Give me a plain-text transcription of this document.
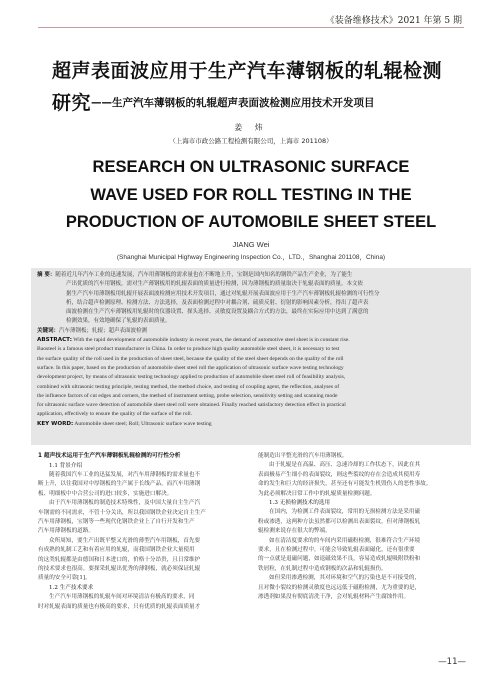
《装备维修技术》2021 年第 5 期
超声表面波应用于生产汽车薄钢板的轧辊检测
研究$^{——生产汽车薄钢板的轧辊超声表面波检测应用技术开发项目}$
姜 炜
（上海市市政公路工程检测有限公司，上海市 201108）
RESEARCH ON ULTRASONIC SURFACE
WAVE USED FOR ROLL TESTING IN THE
PRODUCTION OF AUTOMOBILE SHEET STEEL
JIANG Wei
(Shanghai Municipal Highway Engineering Inspection Co.，LTD.，Shanghai 201108，China)
摘 要：随着近几年汽车工业的迅速发展，汽车用薄钢板的需求量也在不断地上升，宝钢是国内知名的钢铁产品生产企业，为了能生
产出优质的汽车用钢板，需对生产薄钢板用的轧辊表面的质量进行检测，因为薄钢板的质量取决于轧辊表面的质量。本文依
据生产汽车用薄钢板用轧辊开展表面波检测应用技术开发项目，通过对轧辊开展表面波应用于生产汽车薄钢板轧辊检测的可行性分
析，结合超声检测原理、检测方法、方法选择，及表面检测过程中对耦合剂、硫质反射、衍射的影响因素分析，得出了超声表
面波检测在生产汽车薄钢板用轧辊时的仪器设置、探头选择、灵敏度设置及耦合方式的方法，最终在实际应用中达到了满意的
检测效果，有效地确保了轧辊的表面质量。
关键词：汽车薄钢板；轧辊；超声表面波检测
ABSTRACT: With the rapid development of automobile industry in recent years, the demand of automotive steel sheet is in constant rise.
Baosteel is a famous steel product manufacturer in China. In order to produce high quality automobile steel sheet, it is necessary to test
the surface quality of the roll used in the production of sheet steel, because the quality of the steel sheet depends on the quality of the roll
surface. In this paper, based on the production of automobile sheet steel roll the application of ultrasonic surface wave testing technology
development project, by means of ultrasonic testing technology applied to production of automobile sheet steel roll of feasibility analysis,
combined with ultrasonic testing principle, testing method, the method choice, and testing of coupling agent, the reflection, analyses of
the influence factors of cut edges and corners, the method of instrument setting, probe selection, sensitivity setting and scanning mode
for ultrasonic surface wave detection of automobile sheet steel roll were obtained. Finally reached satisfactory detection effect in practical
application, effectively to ensure the quality of the surface of the roll.
KEY WORD: Automobile sheet steel; Roll; Ultrasonic surface wave testing
1 超声技术运用于生产汽车薄钢板轧辊检测的可行性分析
1.1 背景介绍
随着我国汽车工业的迅猛发展，对汽车用薄钢板的需求量也不
断上升，以往我国对中厚钢板的生产属于长线产品，而汽车用薄钢
板、明细板中中合营公司的进口较多，实施进口解决。
由于汽车用薄钢板的制造技术特殊性，及中国大量自主生产汽
车钢需的不同需求，不管十分关出，所以我国钢铁企业决定自主生产
汽车用薄钢板，宝钢等一些现代化钢铁企业上了自行开发和生产
汽车用薄钢板的道路。
众所周知，要生产出既平整又光滑的薄型汽车用钢板，首先要
有成熟的轧制工艺和有着应用的轧辊，而我国钢铁企业大量使用
的这类轧辊都是由德国和日本进口的，价格十分昂贵，且日常维护
的技术要求也很高。要探采轧辊出优秀的薄钢板，就必须保证轧辊
质量的安全可靠[1]。
1.2 生产技术要求
生产汽车用薄钢板的轧辊车间对环境清洁有极高的要求，同
时对轧辊表面的质量也有极高的要求，只有优质的轧辊表面质量才
能制造出平整光滑的汽车用薄钢板。
由于轧辊是在高温、高压、急速冷却的工作状态下，因此在其
表面极易产生细小的表面裂纹，则这些裂纹的存在会造成其使用寿
命的发生和巨大的经济损失，甚至还有可能发生机毁伤人的恶性事故。
为此必须解决日常工作中的轧辊质量检测问题。
1.3 无损检测技术的选用
在国内，为检测工件表面裂纹，常用的无损检测方法是采用磁
粉或渗透，这两种方法虽然都可以检测出表面裂纹，但对薄钢板轧
辊检测来说存在很大的弊端。
如在清洁度要求的的车间内采用磁粉检测，很难符合生产环境
要求，且在检测过程中，可能会导致轧辊表面磁化，还有很重要
的一点就是退磁问题，如退磁效果不良，容易造成轧辊吸附铁粉和
铁屑粒，在轧制过程中造成钢板的次品和轧辊损伤。
如但采用渗透检测，其对环境和空气的污染也是不可接受的，
且对微小裂纹的检测灵敏度也远远低于磁粉检测，尤为重要的是，
渗透剂如果没有彻底清洗干净，会对轧辊材料产生腐蚀作用。
—11—
